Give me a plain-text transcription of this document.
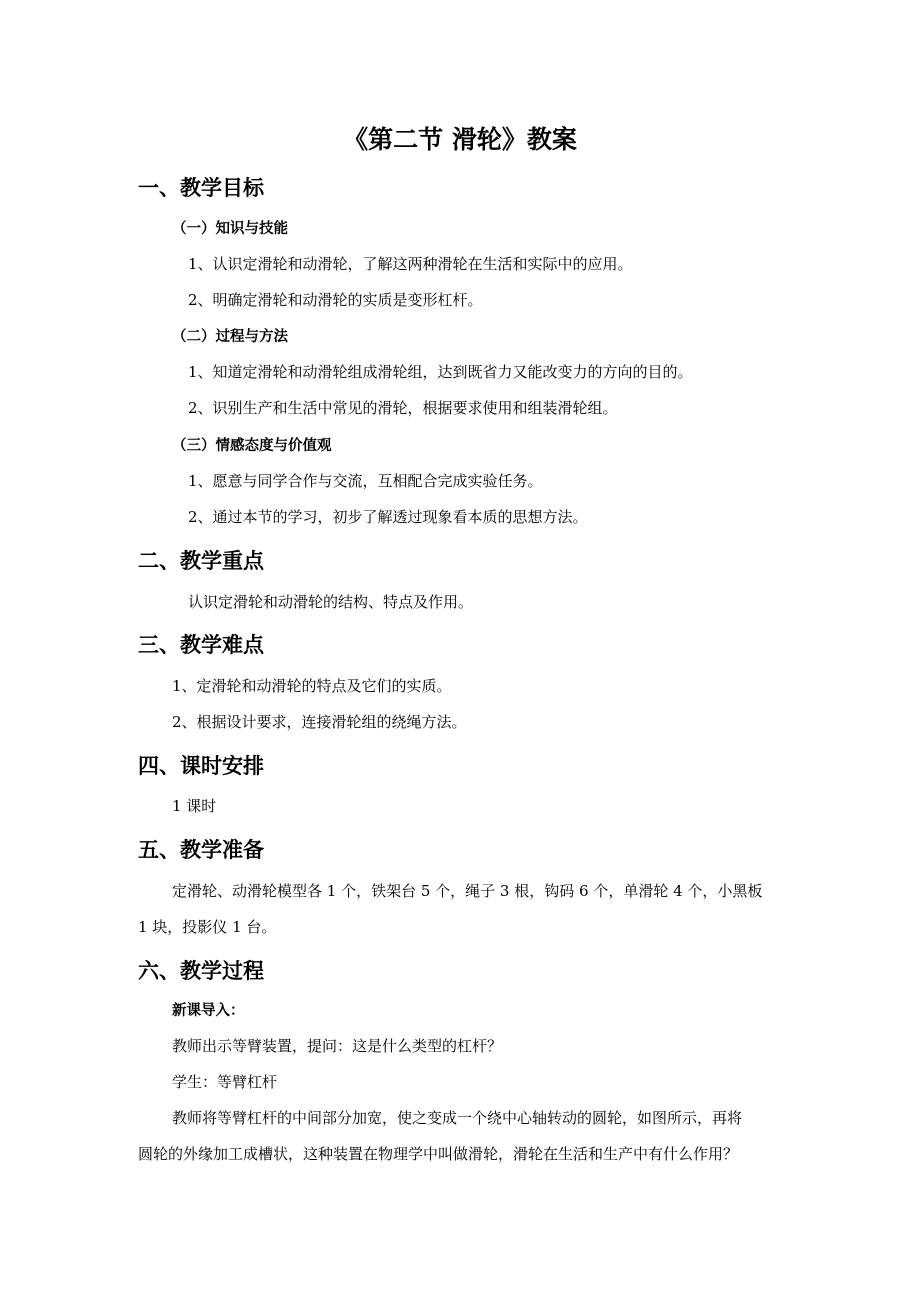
《第二节 滑轮》教案
一、教学目标
（一）知识与技能
1、认识定滑轮和动滑轮，了解这两种滑轮在生活和实际中的应用。
2、明确定滑轮和动滑轮的实质是变形杠杆。
（二）过程与方法
1、知道定滑轮和动滑轮组成滑轮组，达到既省力又能改变力的方向的目的。
2、识别生产和生活中常见的滑轮，根据要求使用和组装滑轮组。
（三）情感态度与价值观
1、愿意与同学合作与交流，互相配合完成实验任务。
2、通过本节的学习，初步了解透过现象看本质的思想方法。
二、教学重点
认识定滑轮和动滑轮的结构、特点及作用。
三、教学难点
1、定滑轮和动滑轮的特点及它们的实质。
2、根据设计要求，连接滑轮组的绕绳方法。
四、课时安排
1 课时
五、教学准备
定滑轮、动滑轮模型各 1 个，铁架台 5 个，绳子 3 根，钩码 6 个，单滑轮 4 个，小黑板
1 块，投影仪 1 台。
六、教学过程
新课导入：
教师出示等臂装置，提问：这是什么类型的杠杆？
学生：等臂杠杆
教师将等臂杠杆的中间部分加宽，使之变成一个绕中心轴转动的圆轮，如图所示，再将
圆轮的外缘加工成槽状，这种装置在物理学中叫做滑轮，滑轮在生活和生产中有什么作用？
